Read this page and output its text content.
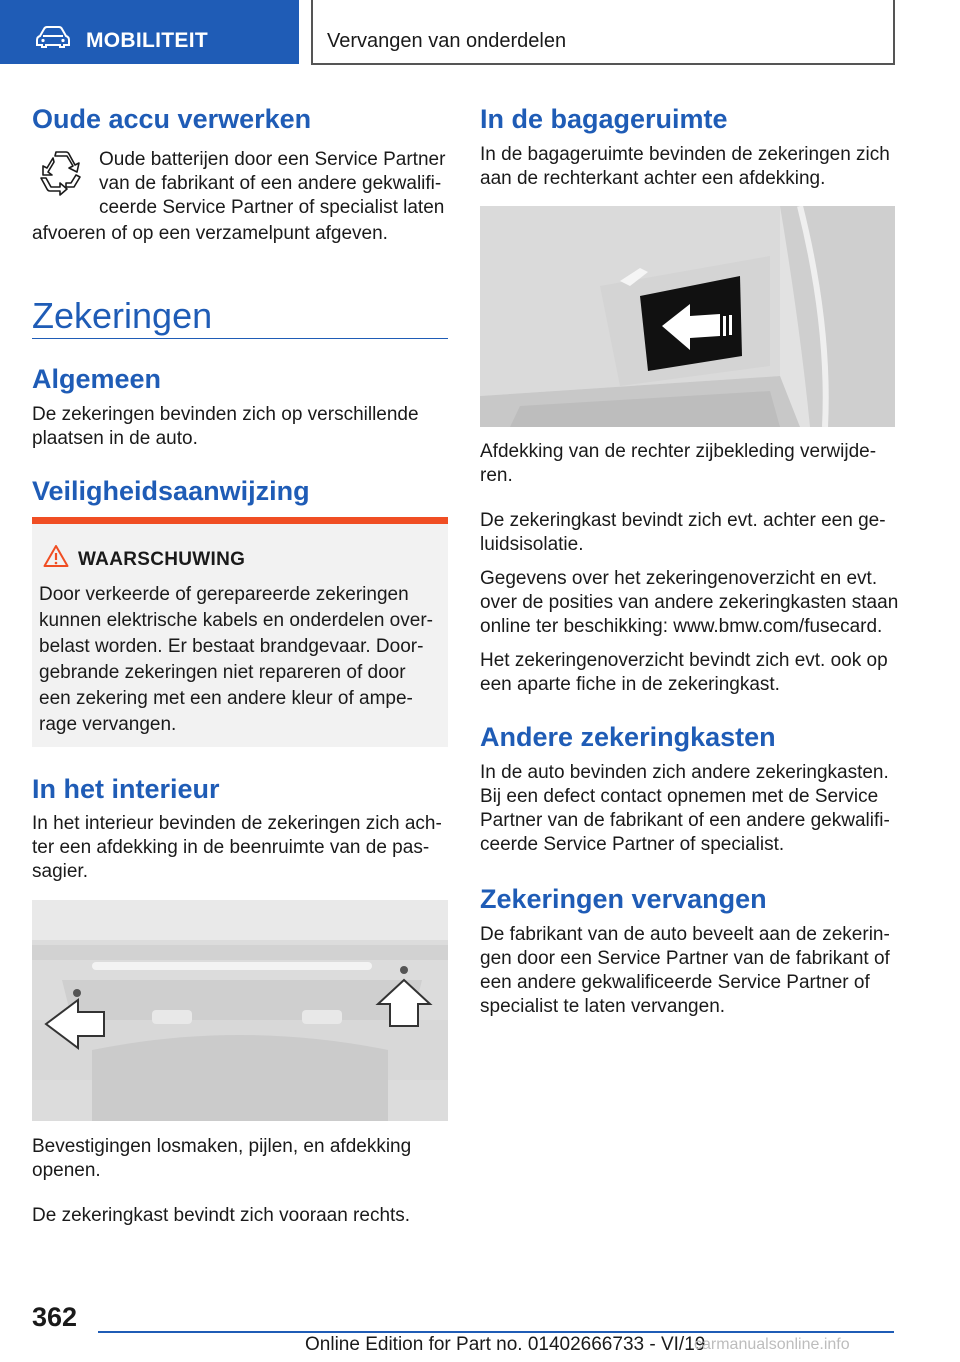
MOBILITEIT	Vervangen van onderdelen
Oude accu verwerken
Oude batterijen door een Service Partner
van de fabrikant of een andere gekwalifi-
ceerde Service Partner of specialist laten
afvoeren of op een verzamelpunt afgeven.
Zekeringen
Algemeen
De zekeringen bevinden zich op verschillende
plaatsen in de auto.
Veiligheidsaanwijzing
WAARSCHUWING
Door verkeerde of gerepareerde zekeringen
kunnen elektrische kabels en onderdelen over-
belast worden. Er bestaat brandgevaar. Door-
gebrande zekeringen niet repareren of door
een zekering met een andere kleur of ampe-
rage vervangen.
In het interieur
In het interieur bevinden de zekeringen zich ach-
ter een afdekking in de beenruimte van de pas-
sagier.
Bevestigingen losmaken, pijlen, en afdekking
openen.
De zekeringkast bevindt zich vooraan rechts.
In de bagageruimte
In de bagageruimte bevinden de zekeringen zich
aan de rechterkant achter een afdekking.
Afdekking van de rechter zijbekleding verwijde-
ren.
De zekeringkast bevindt zich evt. achter een ge-
luidsisolatie.
Gegevens over het zekeringenoverzicht en evt.
over de posities van andere zekeringkasten staan
online ter beschikking: www.bmw.com/fusecard.
Het zekeringenoverzicht bevindt zich evt. ook op
een aparte fiche in de zekeringkast.
Andere zekeringkasten
In de auto bevinden zich andere zekeringkasten.
Bij een defect contact opnemen met de Service
Partner van de fabrikant of een andere gekwalifi-
ceerde Service Partner of specialist.
Zekeringen vervangen
De fabrikant van de auto beveelt aan de zekerin-
gen door een Service Partner van de fabrikant of
een andere gekwalificeerde Service Partner of
specialist te laten vervangen.
362
Online Edition for Part no. 01402666733 - VI/19
carmanualsonline.info
